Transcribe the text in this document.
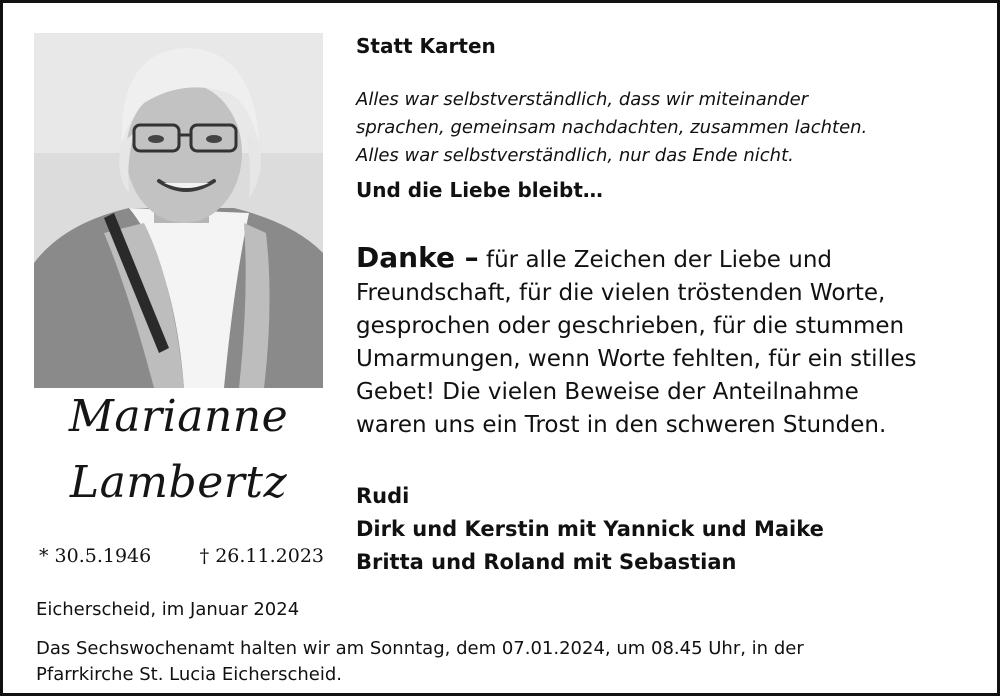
Marianne
Lambertz
* 30.5.1946	† 26.11.2023
Statt Karten
Alles war selbstverständlich, dass wir miteinander
sprachen, gemeinsam nachdachten, zusammen lachten.
Alles war selbstverständlich, nur das Ende nicht.
Und die Liebe bleibt…
Danke – für alle Zeichen der Liebe und
Freundschaft, für die vielen tröstenden Worte,
gesprochen oder geschrieben, für die stummen
Umarmungen, wenn Worte fehlten, für ein stilles
Gebet! Die vielen Beweise der Anteilnahme
waren uns ein Trost in den schweren Stunden.
Rudi
Dirk und Kerstin mit Yannick und Maike
Britta und Roland mit Sebastian
Eicherscheid, im Januar 2024
Das Sechswochenamt halten wir am Sonntag, dem 07.01.2024, um 08.45 Uhr, in der
Pfarrkirche St. Lucia Eicherscheid.
